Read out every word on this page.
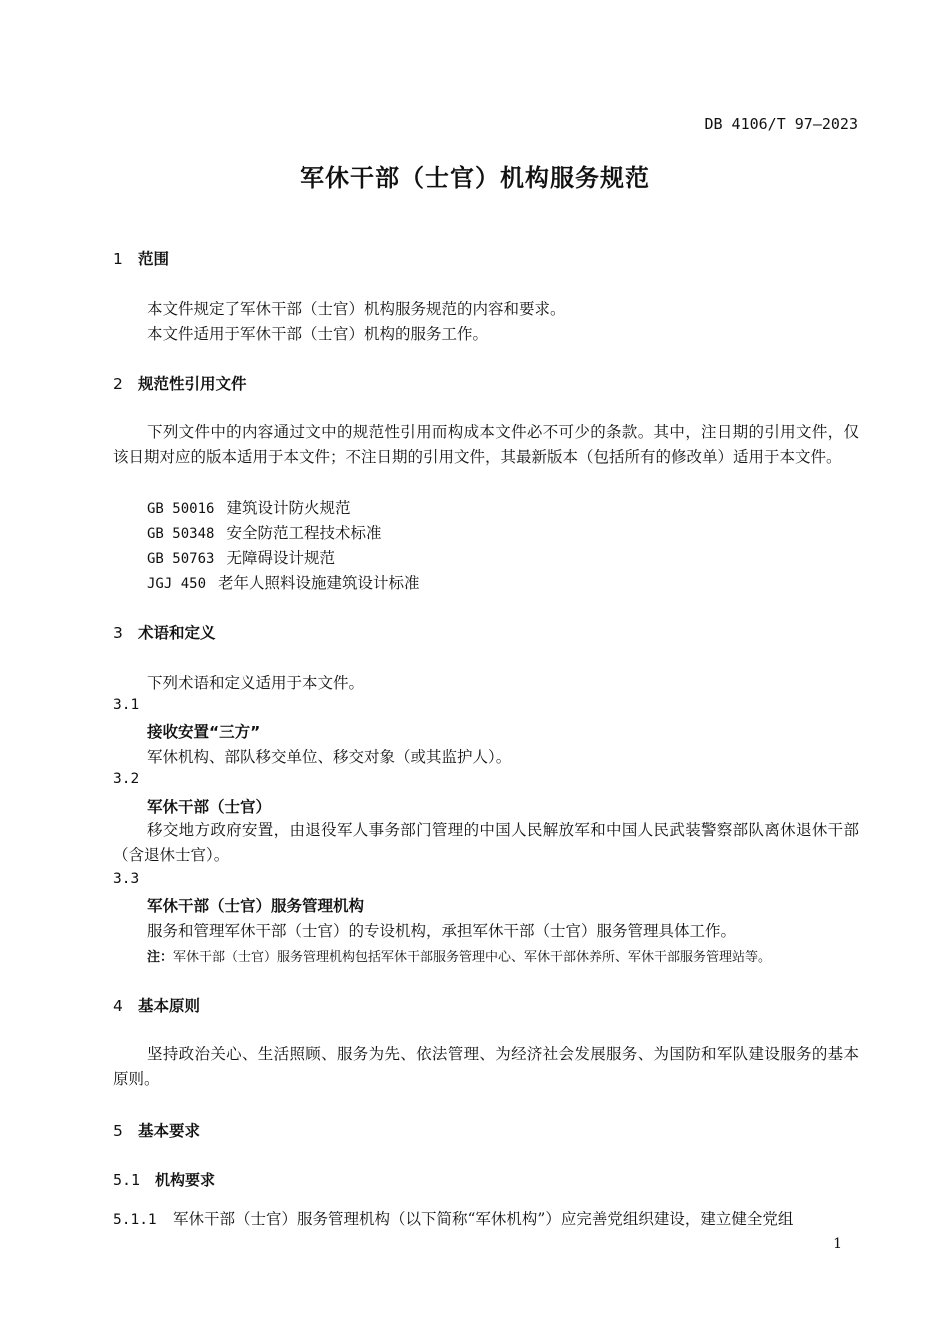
DB 4106/T 97—2023
军休干部（士官）机构服务规范
1 范围
本文件规定了军休干部（士官）机构服务规范的内容和要求。
本文件适用于军休干部（士官）机构的服务工作。
2 规范性引用文件
下列文件中的内容通过文中的规范性引用而构成本文件必不可少的条款。其中，注日期的引用文件，仅该日期对应的版本适用于本文件；不注日期的引用文件，其最新版本（包括所有的修改单）适用于本文件。
GB 50016 建筑设计防火规范
GB 50348 安全防范工程技术标准
GB 50763 无障碍设计规范
JGJ 450 老年人照料设施建筑设计标准
3 术语和定义
下列术语和定义适用于本文件。
3.1
接收安置“三方”
军休机构、部队移交单位、移交对象（或其监护人）。
3.2
军休干部（士官）
移交地方政府安置，由退役军人事务部门管理的中国人民解放军和中国人民武装警察部队离休退休干部（含退休士官）。
3.3
军休干部（士官）服务管理机构
服务和管理军休干部（士官）的专设机构，承担军休干部（士官）服务管理具体工作。
注：军休干部（士官）服务管理机构包括军休干部服务管理中心、军休干部休养所、军休干部服务管理站等。
4 基本原则
坚持政治关心、生活照顾、服务为先、依法管理、为经济社会发展服务、为国防和军队建设服务的基本原则。
5 基本要求
5.1 机构要求
5.1.1 军休干部（士官）服务管理机构（以下简称“军休机构”）应完善党组织建设，建立健全党组
1
